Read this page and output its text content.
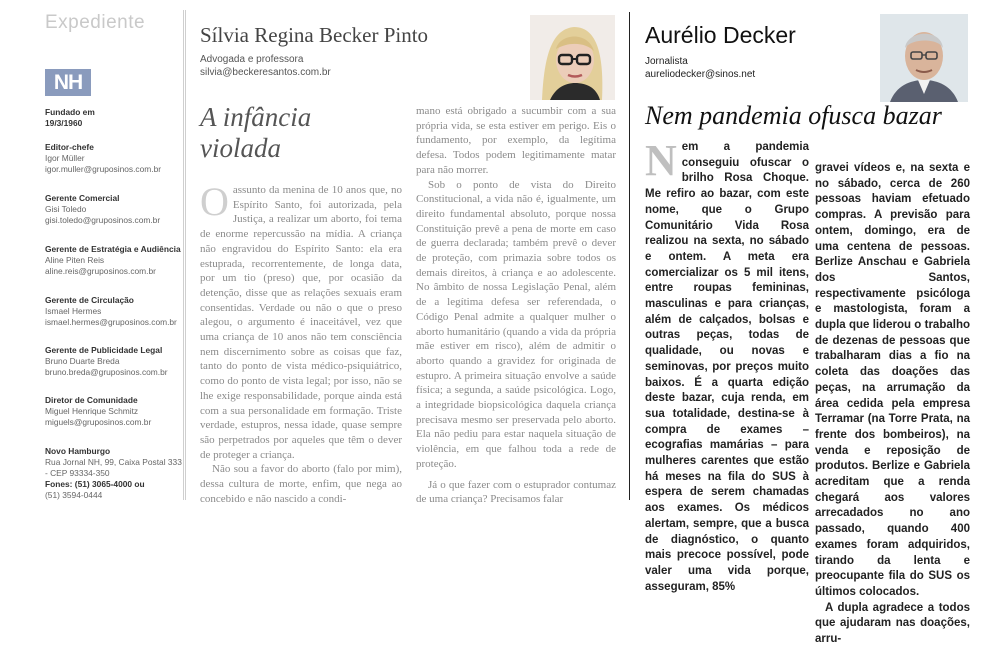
Expediente
NH
Fundado em
19/3/1960
Editor-chefe
Igor Müller
igor.muller@gruposinos.com.br
Gerente Comercial
Gisi Toledo
gisi.toledo@gruposinos.com.br
Gerente de Estratégia e Audiência
Aline Piten Reis
aline.reis@gruposinos.com.br
Gerente de Circulação
Ismael Hermes
ismael.hermes@gruposinos.com.br
Gerente de Publicidade Legal
Bruno Duarte Breda
bruno.breda@gruposinos.com.br
Diretor de Comunidade
Miguel Henrique Schmitz
miguels@gruposinos.com.br
Novo Hamburgo
Rua Jornal NH, 99, Caixa Postal 333
- CEP 93334-350
Fones: (51) 3065-4000 ou
(51) 3594-0444
Sílvia Regina Becker Pinto
Advogada e professora
silvia@beckeresantos.com.br
A infância
violada

Oassunto da menina de 10 anos que, no Espírito Santo, foi autorizada, pela Justiça, a realizar um aborto, foi tema de enorme repercussão na mídia. A criança não engravidou do Espírito Santo: ela era estuprada, recorrentemente, de longa data, por um tio (preso) que, por ocasião da detenção, disse que as relações sexuais eram consentidas. Verdade ou não o que o preso alegou, o argumento é inaceitável, vez que uma criança de 10 anos não tem consciência nem discernimento sobre as coisas que faz, tanto do ponto de vista médico-psiquiátrico, como do ponto de vista legal; por isso, não se lhe exige responsabilidade, porque ainda está com a sua personalidade em formação. Triste verdade, estupros, nessa idade, quase sempre são perpetrados por aqueles que têm o dever de proteger a criança.

Não sou a favor do aborto (falo por mim), dessa cultura de morte, enfim, que nega ao concebido e não nascido a condi-

mano está obrigado a sucumbir com a sua própria vida, se esta estiver em perigo. Eis o fundamento, por exemplo, da legítima defesa. Todos podem legitimamente matar para não morrer.

Sob o ponto de vista do Direito Constitucional, a vida não é, igualmente, um direito fundamental absoluto, porque nossa Constituição prevê a pena de morte em caso de guerra declarada; também prevê o dever de proteção, com primazia sobre todos os demais direitos, à criança e ao adolescente. No âmbito de nossa Legislação Penal, além de a legítima defesa ser referendada, o Código Penal admite a qualquer mulher o aborto humanitário (quando a vida da própria mãe estiver em risco), além de admitir o aborto quando a gravidez for originada de estupro. A primeira situação envolve a saúde física; a segunda, a saúde psicológica. Logo, a integridade biopsicológica daquela criança precisava mesmo ser preservada pelo aborto. Ela não pediu para estar naquela situação de violência, em que falhou toda a rede de proteção.

Já o que fazer com o estuprador contumaz de uma criança? Precisamos falar

Aurélio Decker
Jornalista
aureliodecker@sinos.net
Nem pandemia ofusca bazar

Nem a pandemia conseguiu ofuscar o brilho Rosa Choque. Me refiro ao bazar, com este nome, que o Grupo Comunitário Vida Rosa realizou na sexta, no sábado e ontem. A meta era comercializar os 5 mil itens, entre roupas femininas, masculinas e para crianças, além de calçados, bolsas e outras peças, todas de qualidade, ou novas e seminovas, por preços muito baixos. É a quarta edição deste bazar, cuja renda, em sua totalidade, destina-se à compra de exames – ecografias mamárias – para mulheres carentes que estão há meses na fila do SUS à espera de serem chamadas aos exames. Os médicos alertam, sempre, que a busca de diagnóstico, o quanto mais precoce possível, pode valer uma vida porque, asseguram, 85%

gravei vídeos e, na sexta e no sábado, cerca de 260 pessoas haviam efetuado compras. A previsão para ontem, domingo, era de uma centena de pessoas. Berlize Anschau e Gabriela dos Santos, respectivamente psicóloga e mastologista, foram a dupla que liderou o trabalho de dezenas de pessoas que trabalharam dias a fio na coleta das doações das peças, na arrumação da área cedida pela empresa Terramar (na Torre Prata, na frente dos bombeiros), na venda e reposição de produtos. Berlize e Gabriela acreditam que a renda chegará aos valores arrecadados no ano passado, quando 400 exames foram adquiridos, tirando da lenta e preocupante fila do SUS os últimos colocados.

A dupla agradece a todos que ajudaram nas doações, arru-
